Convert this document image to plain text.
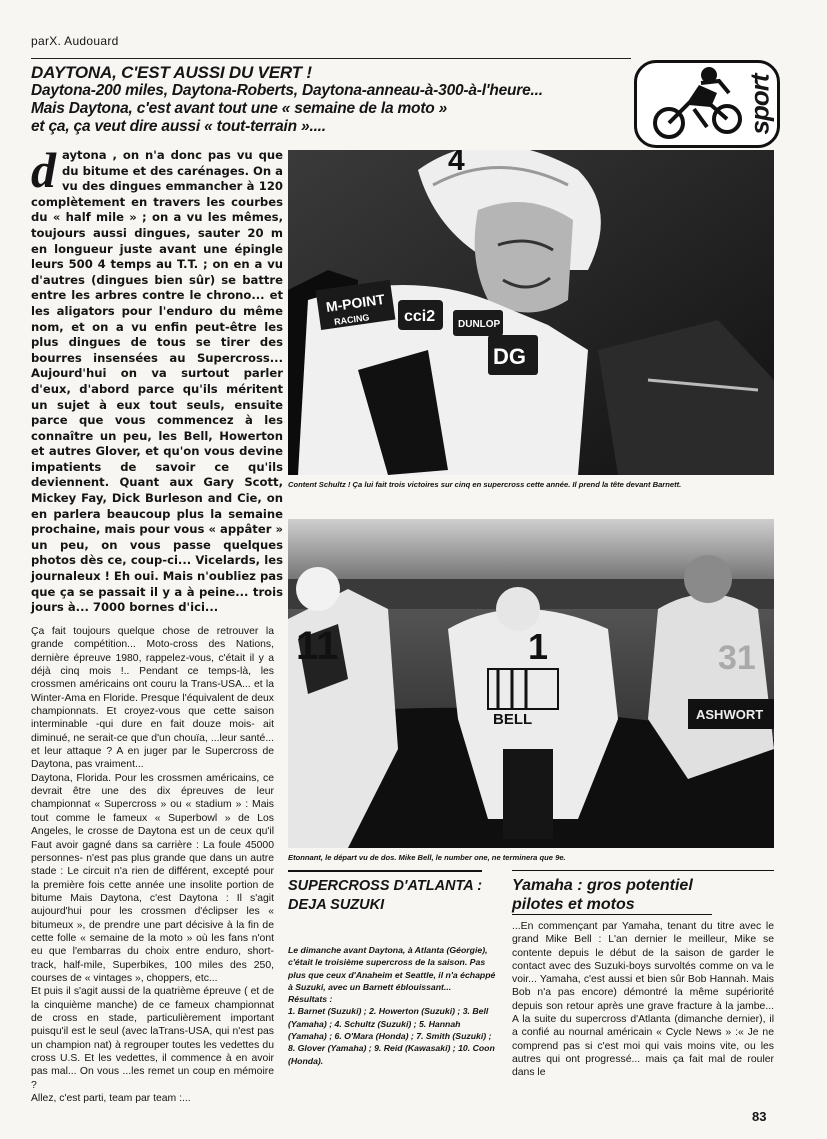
parX. Audouard
DAYTONA, C'EST AUSSI DU VERT !
Daytona-200 miles, Daytona-Roberts, Daytona-anneau-à-300-à-l'heure...
Mais Daytona, c'est avant tout une « semaine de la moto »
et ça, ça veut dire aussi « tout-terrain »....	sport
daytona , on n'a donc pas vu que du bitume et des carénages. On a vu des dingues emmancher à 120 complètement en travers les courbes du « half mile » ; on a vu les mêmes, toujours aussi dingues, sauter 20 m en longueur juste avant une épingle leurs 500 4 temps au T.T. ; on en a vu d'autres (dingues bien sûr) se battre entre les arbres contre le chrono... et les aligators pour l'enduro du même nom, et on a vu enfin peut-être les plus dingues de tous se tirer des bourres insensées au Supercross... Aujourd'hui on va surtout parler d'eux, d'abord parce qu'ils méritent un sujet à eux tout seuls, ensuite parce que vous commencez à les connaître un peu, les Bell, Howerton et autres Glover, et qu'on vous devine impatients de savoir ce qu'ils deviennent. Quant aux Gary Scott, Mickey Fay, Dick Burleson and Cie, on en parlera beaucoup plus la semaine prochaine, mais pour vous « appâter » un peu, on vous passe quelques photos dès ce, coup-ci... Vicelards, les journaleux ! Eh oui. Mais n'oubliez pas que ça se passait il y a à peine... trois jours à... 7000 bornes d'ici...

Ça fait toujours quelque chose de retrouver la grande compétition... Moto-cross des Nations, dernière épreuve 1980, rappelez-vous, c'était il y a déjà cinq mois !.. Pendant ce temps-là, les crossmen américains ont couru la Trans-USA... et la Winter-Ama en Floride. Presque l'équivalent de deux championnats. Et croyez-vous que cette saison interminable -qui dure en fait douze mois- ait diminué, ne serait-ce que d'un chouïa, ...leur santé... et leur attaque ? A en juger par le Supercross de Daytona, pas vraiment...

Daytona, Florida. Pour les crossmen américains, ce devrait être une des dix épreuves de leur championnat « Supercross » ou « stadium » : Mais tout comme le fameux « Superbowl » de Los Angeles, le crosse de Daytona est un de ceux qu'il Faut avoir gagné dans sa carrière : La foule 45000 personnes- n'est pas plus grande que dans un autre stade : Le circuit n'a rien de différent, excepté pour la première fois cette année une insolite portion de bitume Mais Daytona, c'est Daytona : Il s'agit aujourd'hui pour les crossmen d'éclipser les « bitumeux », de prendre une part décisive à la fin de cette folle « semaine de la moto » où les fans n'ont eu que l'embarras du choix entre enduro, short-track, half-mile, Superbikes, 100 miles des 250, courses de « vintages », choppers, etc...

Et puis il s'agit aussi de la quatrième épreuve ( et de la cinquième manche) de ce fameux championnat de cross en stade, particulièrement important puisqu'il est le seul (avec laTrans-USA, qui n'est pas un champion nat) à regrouper toutes les vedettes du cross U.S. Et les vedettes, il commence à en avoir pas mal... On vous ...les remet un coup en mémoire ?

Allez, c'est parti, team par team :...

M-POINT
RACING cci2 DUNLOP
DG
4
Content Schultz ! Ça lui fait trois victoires sur cinq en supercross cette année. Il prend la tête devant Barnett.
11	1
BELL
31
ASHWORT
Etonnant, le départ vu de dos. Mike Bell, le number one, ne terminera que 9e.
SUPERCROSS D'ATLANTA :
DEJA SUZUKI
Le dimanche avant Daytona, à Atlanta (Géorgie), c'était le troisième supercross de la saison. Pas plus que ceux d'Anaheim et Seattle, il n'a échappé à Suzuki, avec un Barnett éblouissant...
Résultats :
1. Barnet (Suzuki) ; 2. Howerton (Suzuki) ; 3. Bell (Yamaha) ; 4. Schultz (Suzuki) ; 5. Hannah (Yamaha) ; 6. O'Mara (Honda) ; 7. Smith (Suzuki) ; 8. Glover (Yamaha) ; 9. Reid (Kawasaki) ; 10. Coon (Honda).
Yamaha : gros potentiel
pilotes et motos
...En commençant par Yamaha, tenant du titre avec le grand Mike Bell : L'an dernier le meilleur, Mike se contente depuis le début de la saison de garder le contact avec des Suzuki-boys survoltés comme on va le voir... Yamaha, c'est aussi et bien sûr Bob Hannah. Mais Bob n'a pas encore) démontré la même supériorité depuis son retour après une grave fracture à la jambe... A la suite du supercross d'Atlanta (dimanche dernier), il a confié au nournal américain « Cycle News » :« Je ne comprend pas si c'est moi qui vais moins vite, ou les autres qui ont progressé... mais ça fait mal de rouler dans le
83
